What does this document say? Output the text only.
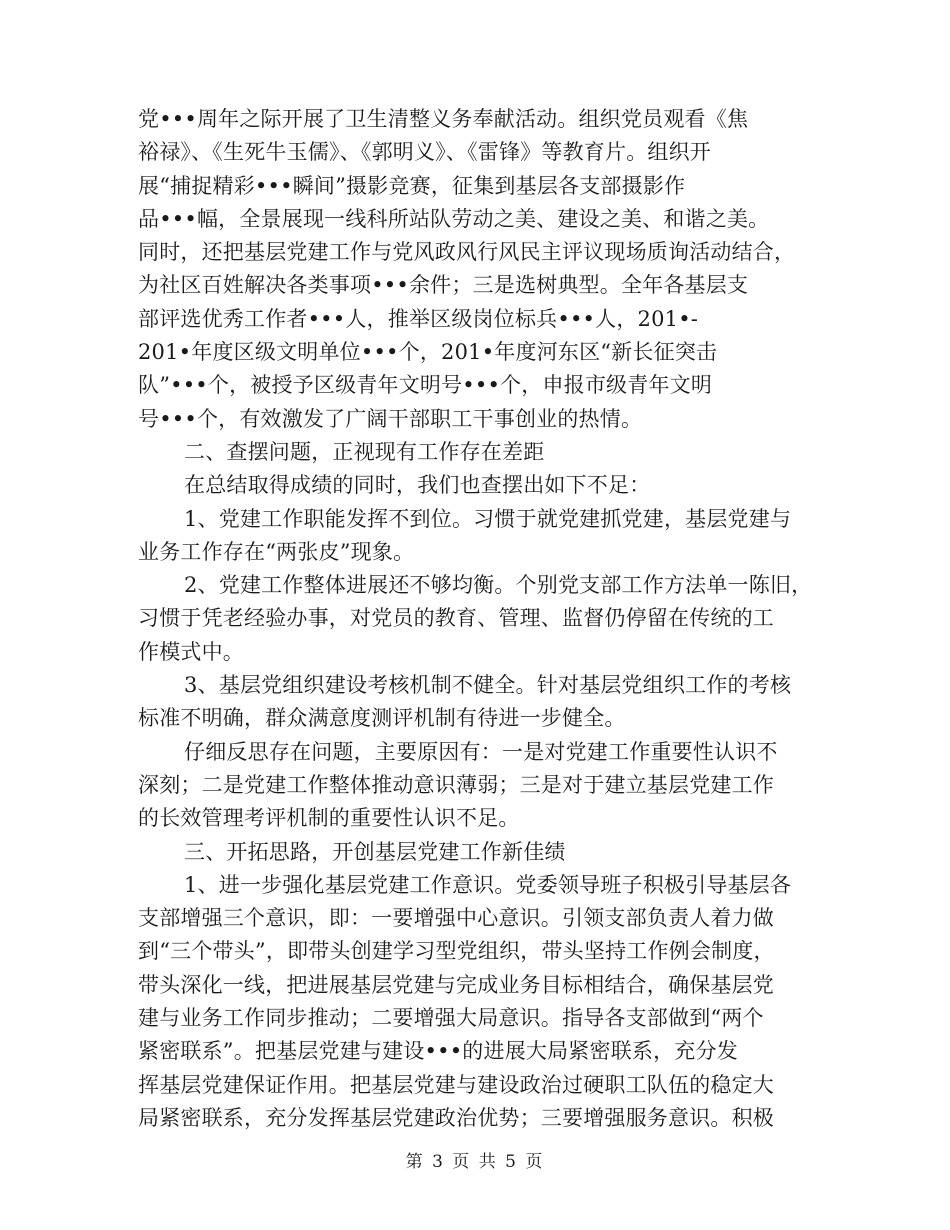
党•••周年之际开展了卫生清整义务奉献活动。组织党员观看《焦
裕禄》、《生死牛玉儒》、《郭明义》、《雷锋》等教育片。组织开
展“捕捉精彩•••瞬间”摄影竞赛，征集到基层各支部摄影作
品•••幅，全景展现一线科所站队劳动之美、建设之美、和谐之美。
同时，还把基层党建工作与党风政风行风民主评议现场质询活动结合，
为社区百姓解决各类事项•••余件；三是选树典型。全年各基层支
部评选优秀工作者•••人，推举区级岗位标兵•••人，201•-
201•年度区级文明单位•••个，201•年度河东区“新长征突击
队”•••个，被授予区级青年文明号•••个，申报市级青年文明
号•••个，有效激发了广阔干部职工干事创业的热情。
二、查摆问题，正视现有工作存在差距
在总结取得成绩的同时，我们也查摆出如下不足：
1、党建工作职能发挥不到位。习惯于就党建抓党建，基层党建与
业务工作存在“两张皮”现象。
2、党建工作整体进展还不够均衡。个别党支部工作方法单一陈旧，
习惯于凭老经验办事，对党员的教育、管理、监督仍停留在传统的工
作模式中。
3、基层党组织建设考核机制不健全。针对基层党组织工作的考核
标准不明确，群众满意度测评机制有待进一步健全。
仔细反思存在问题，主要原因有：一是对党建工作重要性认识不
深刻；二是党建工作整体推动意识薄弱；三是对于建立基层党建工作
的长效管理考评机制的重要性认识不足。
三、开拓思路，开创基层党建工作新佳绩
1、进一步强化基层党建工作意识。党委领导班子积极引导基层各
支部增强三个意识，即：一要增强中心意识。引领支部负责人着力做
到“三个带头”，即带头创建学习型党组织，带头坚持工作例会制度，
带头深化一线，把进展基层党建与完成业务目标相结合，确保基层党
建与业务工作同步推动；二要增强大局意识。指导各支部做到“两个
紧密联系”。把基层党建与建设•••的进展大局紧密联系，充分发
挥基层党建保证作用。把基层党建与建设政治过硬职工队伍的稳定大
局紧密联系，充分发挥基层党建政治优势；三要增强服务意识。积极
第 3 页 共 5 页
